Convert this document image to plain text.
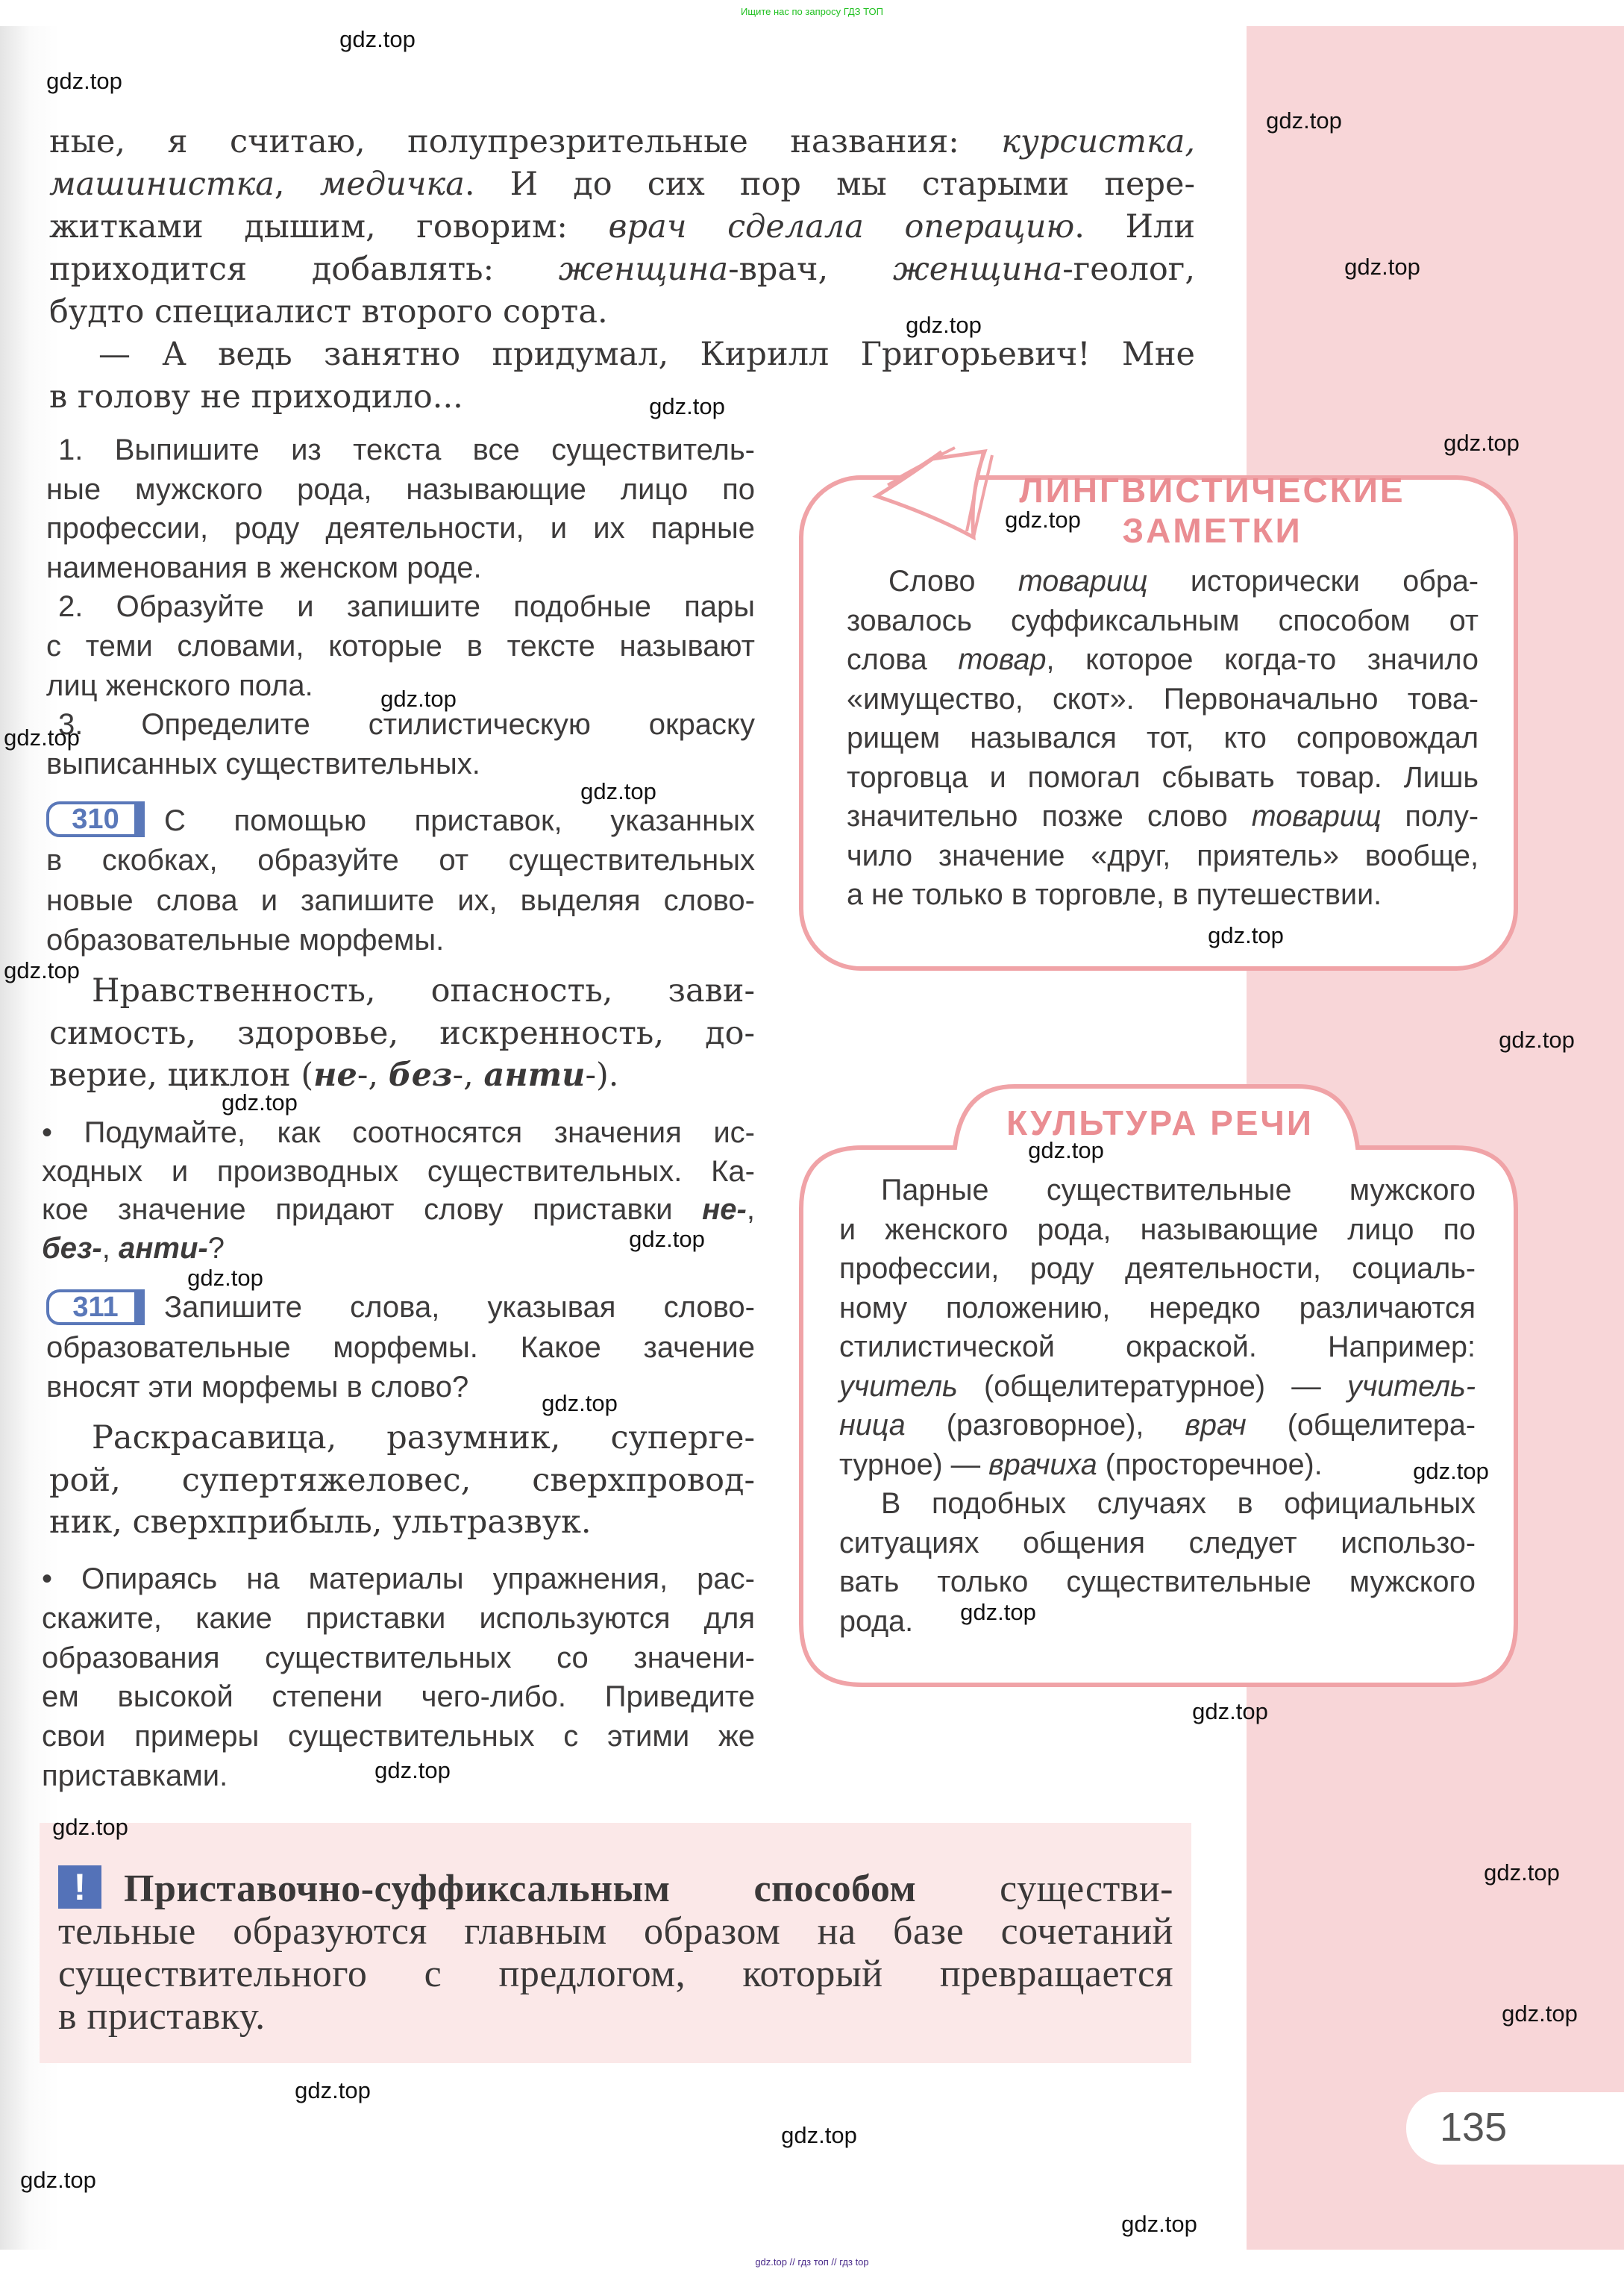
Ищите нас по запросу ГДЗ ТОП
ЛИНГВИСТИЧЕСКИЕ
ЗАМЕТКИ
КУЛЬТУРА РЕЧИ
310
311
!
135
gdz.top // гдз топ // гдз top
ные, я считаю, полупрезрительные названия: курсистка,
машинистка, медичка. И до сих пор мы старыми пере-
житками дышим, говорим: врач сделала операцию. Или
приходится добавлять: женщина-врач, женщина-геолог,
будто специалист второго сорта.
— А ведь занятно придумал, Кирилл Григорьевич! Мне
в голову не приходило...
1. Выпишите из текста все существитель-
ные мужского рода, называющие лицо по
профессии, роду деятельности, и их парные
наименования в женском роде.
2. Образуйте и запишите подобные пары
с теми словами, которые в тексте называют
лиц женского пола.
3. Определите стилистическую окраску
выписанных существительных.
С помощью приставок, указанных
в скобках, образуйте от существительных
новые слова и запишите их, выделяя слово-
образовательные морфемы.
Нравственность, опасность, зави-
симость, здоровье, искренность, до-
верие, циклон (не-, без-, анти-).
• Подумайте, как соотносятся значения ис-
ходных и производных существительных. Ка-
кое значение придают слову приставки не-,
без-, анти-?
Запишите слова, указывая слово-
образовательные морфемы. Какое зачение
вносят эти морфемы в слово?
Раскрасавица, разумник, суперге-
рой, супертяжеловес, сверхпровод-
ник, сверхприбыль, ультразвук.
• Опираясь на материалы упражнения, рас-
скажите, какие приставки используются для
образования существительных со значени-
ем высокой степени чего-либо. Приведите
свои примеры существительных с этими же
приставками.
Слово товарищ исторически обра-
зовалось суффиксальным способом от
слова товар, которое когда-то значило
«имущество, скот». Первоначально това-
рищем назывался тот, кто сопровождал
торговца и помогал сбывать товар. Лишь
значительно позже слово товарищ полу-
чило значение «друг, приятель» вообще,
а не только в торговле, в путешествии.
Парные существительные мужского
и женского рода, называющие лицо по
профессии, роду деятельности, социаль-
ному положению, нередко различаются
стилистической окраской. Например:
учитель (общелитературное) — учитель-
ница (разговорное), врач (общелитера-
турное) — врачиха (просторечное).
В подобных случаях в официальных
ситуациях общения следует использо-
вать только существительные мужского
рода.
Приставочно-суффиксальным способом существи-
тельные образуются главным образом на базе сочетаний
существительного с предлогом, который превращается
в приставку.
gdz.top
gdz.top
gdz.top
gdz.top
gdz.top
gdz.top
gdz.top
gdz.top
gdz.top
gdz.top
gdz.top
gdz.top
gdz.top
gdz.top
gdz.top
gdz.top
gdz.top
gdz.top
gdz.top
gdz.top
gdz.top
gdz.top
gdz.top
gdz.top
gdz.top
gdz.top
gdz.top
gdz.top
gdz.top
gdz.top
